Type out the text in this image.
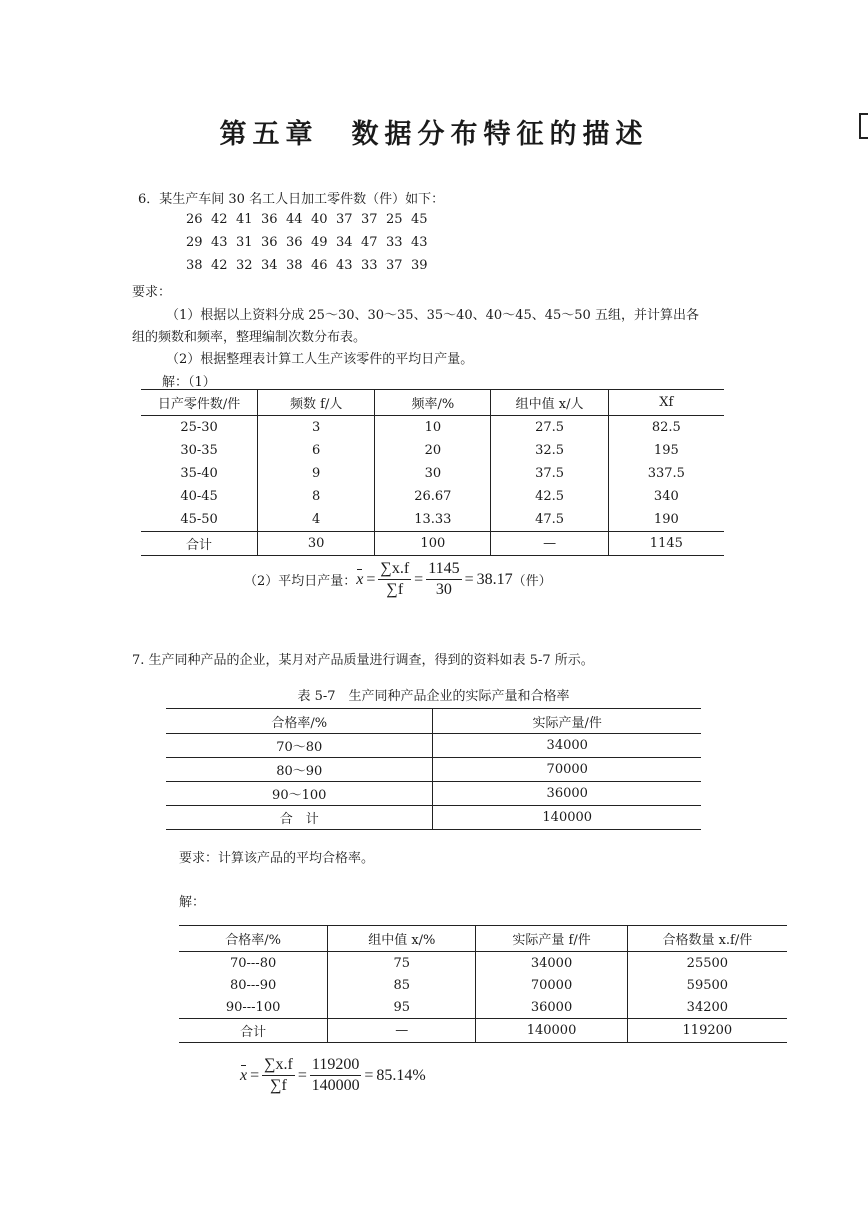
第五章　数据分布特征的描述
6．某生产车间 30 名工人日加工零件数（件）如下：
26 42 41 36 44 40 37 37 25 45
29 43 31 36 36 49 34 47 33 43
38 42 32 34 38 46 43 33 37 39
要求：
（1）根据以上资料分成 25～30、30～35、35～40、40～45、45～50 五组，并计算出各
组的频数和频率，整理编制次数分布表。
（2）根据整理表计算工人生产该零件的平均日产量。
解：（1）
日产零件数/件	频数 f/人	频率/%	组中值 x/人	Xf
25-30	3	10	27.5	82.5
30-35	6	20	32.5	195
35-40	9	30	37.5	337.5
40-45	8	26.67	42.5	340
45-50	4	13.33	47.5	190
合计	30	100	—	1145
（2）平均日产量： $x = \frac{\sum x.f}{\sum f} = \frac{1145}{30} = 38.17$ （件）
7. 生产同种产品的企业，某月对产品质量进行调查，得到的资料如表 5-7 所示。
表 5-7　生产同种产品企业的实际产量和合格率
合格率/%	实际产量/件
70～80	34000
80～90	70000
90～100	36000
合　计	140000
要求：计算该产品的平均合格率。
解：
合格率/%	组中值 x/%	实际产量 f/件	合格数量 x.f/件
70---80	75	34000	25500
80---90	85	70000	59500
90---100	95	36000	34200
合计	—	140000	119200
$x = \frac{\sum x.f}{\sum f} = \frac{119200}{140000} = 85.14\%$
